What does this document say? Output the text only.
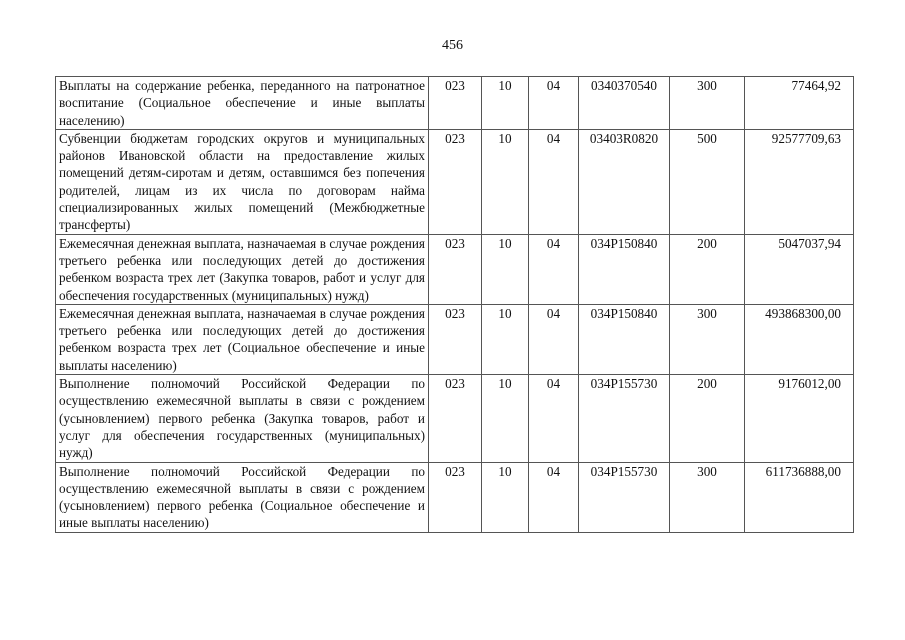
456
Выплаты на содержание ребенка, переданного на патронатное воспитание (Социальное обеспечение и иные выплаты населению)	023	10	04	0340370540	300	77464,92
Субвенции бюджетам городских округов и муниципальных районов Ивановской области на предоставление жилых помещений детям-сиротам и детям, оставшимся без попечения родителей, лицам из их числа по договорам найма специализированных жилых помещений (Межбюджетные трансферты)	023	10	04	03403R0820	500	92577709,63
Ежемесячная денежная выплата, назначаемая в случае рождения третьего ребенка или последующих детей до достижения ребенком возраста трех лет (Закупка товаров, работ и услуг для обеспечения государственных (муниципальных) нужд)	023	10	04	034P150840	200	5047037,94
Ежемесячная денежная выплата, назначаемая в случае рождения третьего ребенка или последующих детей до достижения ребенком возраста трех лет (Социальное обеспечение и иные выплаты населению)	023	10	04	034P150840	300	493868300,00
Выполнение полномочий Российской Федерации по осуществлению ежемесячной выплаты в связи с рождением (усыновлением) первого ребенка (Закупка товаров, работ и услуг для обеспечения государственных (муниципальных) нужд)	023	10	04	034P155730	200	9176012,00
Выполнение полномочий Российской Федерации по осуществлению ежемесячной выплаты в связи с рождением (усыновлением) первого ребенка (Социальное обеспечение и иные выплаты населению)	023	10	04	034P155730	300	611736888,00
